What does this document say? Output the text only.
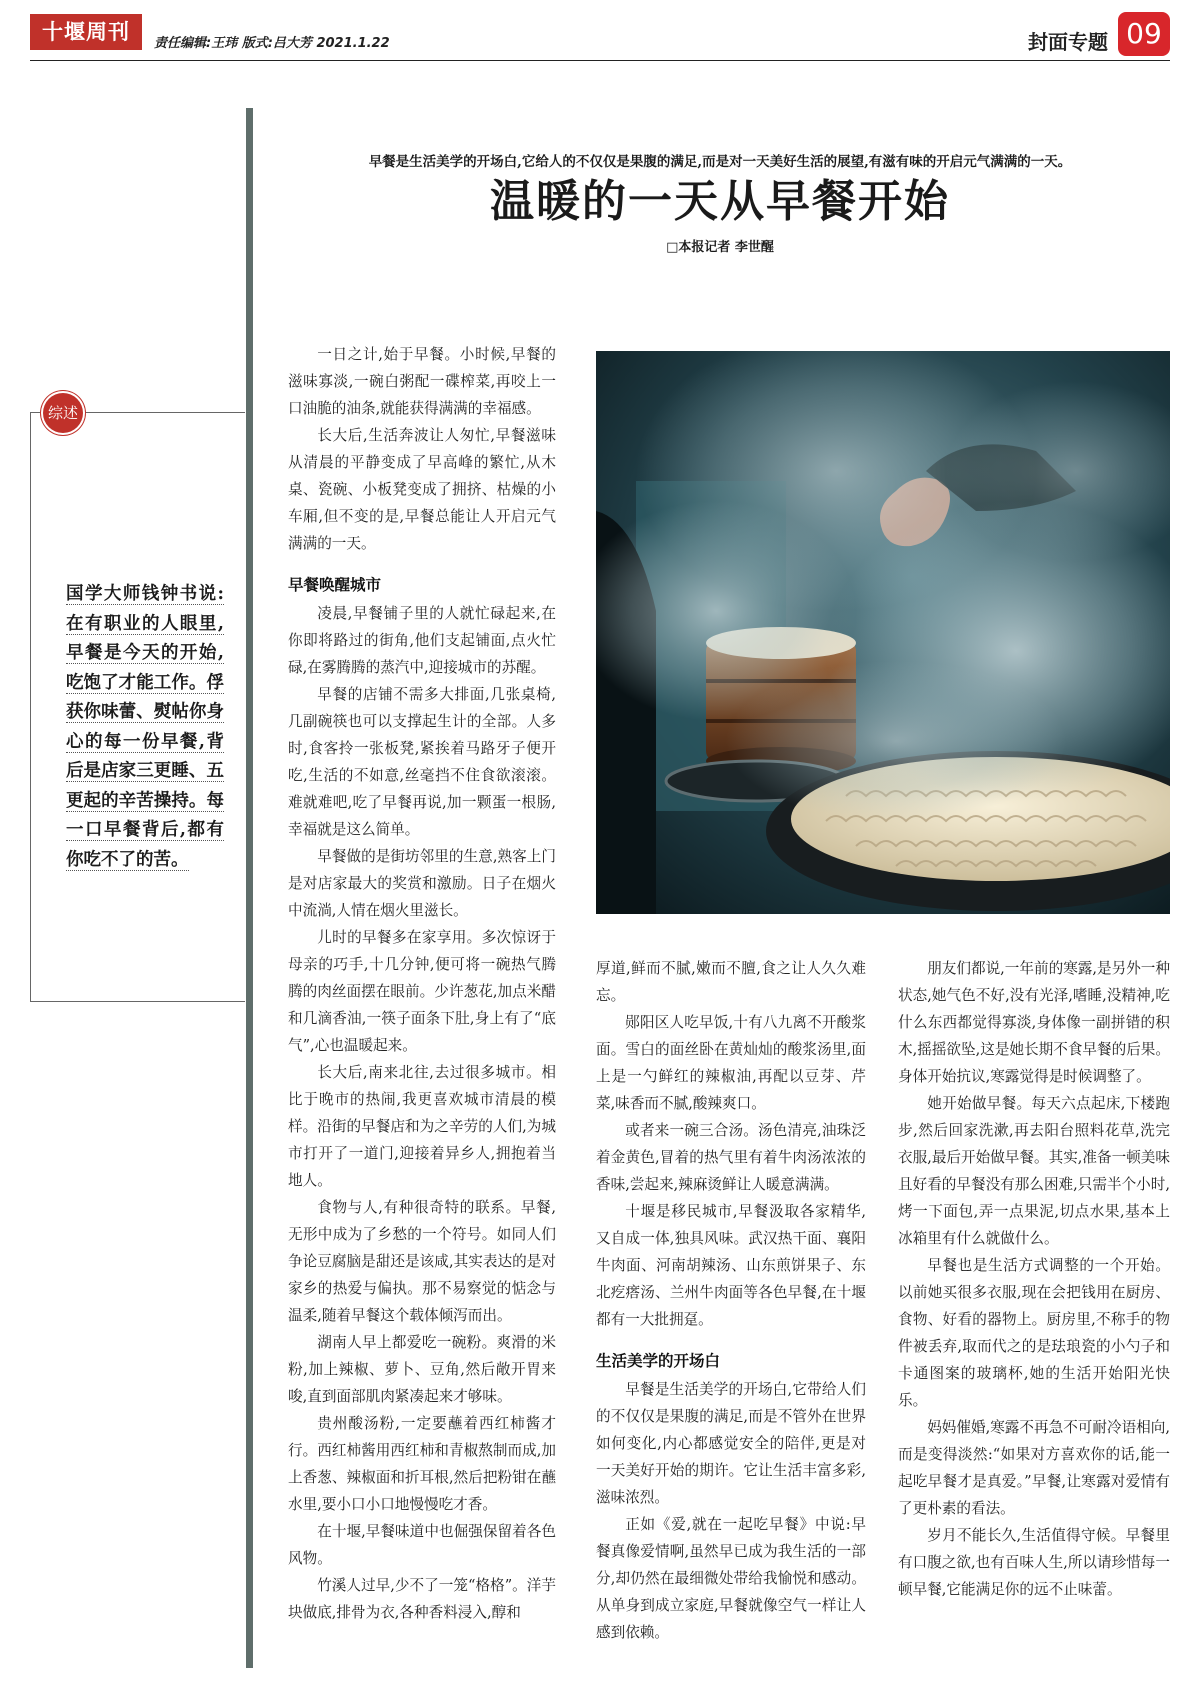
十堰周刊	责任编辑:王玮 版式:吕大芳 2021.1.22	封面专题 09
综述
国学大师钱钟书说:在有职业的人眼里,早餐是今天的开始,吃饱了才能工作。俘获你味蕾、熨帖你身心的每一份早餐,背后是店家三更睡、五更起的辛苦操持。每一口早餐背后,都有你吃不了的苦。
早餐是生活美学的开场白,它给人的不仅仅是果腹的满足,而是对一天美好生活的展望,有滋有味的开启元气满满的一天。
温暖的一天从早餐开始
□本报记者 李世醒

一日之计,始于早餐。小时候,早餐的滋味寡淡,一碗白粥配一碟榨菜,再咬上一口油脆的油条,就能获得满满的幸福感。

长大后,生活奔波让人匆忙,早餐滋味从清晨的平静变成了早高峰的繁忙,从木桌、瓷碗、小板凳变成了拥挤、枯燥的小车厢,但不变的是,早餐总能让人开启元气满满的一天。

早餐唤醒城市

凌晨,早餐铺子里的人就忙碌起来,在你即将路过的街角,他们支起铺面,点火忙碌,在雾腾腾的蒸汽中,迎接城市的苏醒。

早餐的店铺不需多大排面,几张桌椅,几副碗筷也可以支撑起生计的全部。人多时,食客拎一张板凳,紧挨着马路牙子便开吃,生活的不如意,丝毫挡不住食欲滚滚。难就难吧,吃了早餐再说,加一颗蛋一根肠,幸福就是这么简单。

早餐做的是街坊邻里的生意,熟客上门是对店家最大的奖赏和激励。日子在烟火中流淌,人情在烟火里滋长。

儿时的早餐多在家享用。多次惊讶于母亲的巧手,十几分钟,便可将一碗热气腾腾的肉丝面摆在眼前。少许葱花,加点米醋和几滴香油,一筷子面条下肚,身上有了“底气”,心也温暖起来。

长大后,南来北往,去过很多城市。相比于晚市的热闹,我更喜欢城市清晨的模样。沿街的早餐店和为之辛劳的人们,为城市打开了一道门,迎接着异乡人,拥抱着当地人。

食物与人,有种很奇特的联系。早餐,无形中成为了乡愁的一个符号。如同人们争论豆腐脑是甜还是该咸,其实表达的是对家乡的热爱与偏执。那不易察觉的惦念与温柔,随着早餐这个载体倾泻而出。

湖南人早上都爱吃一碗粉。爽滑的米粉,加上辣椒、萝卜、豆角,然后敞开胃来唆,直到面部肌肉紧凑起来才够味。

贵州酸汤粉,一定要蘸着西红柿酱才行。西红柿酱用西红柿和青椒熬制而成,加上香葱、辣椒面和折耳根,然后把粉钳在蘸水里,要小口小口地慢慢吃才香。

在十堰,早餐味道中也倔强保留着各色风物。

竹溪人过早,少不了一笼“格格”。洋芋块做底,排骨为衣,各种香料浸入,醇和

厚道,鲜而不腻,嫩而不膻,食之让人久久难忘。

郧阳区人吃早饭,十有八九离不开酸浆面。雪白的面丝卧在黄灿灿的酸浆汤里,面上是一勺鲜红的辣椒油,再配以豆芽、芹菜,味香而不腻,酸辣爽口。

或者来一碗三合汤。汤色清亮,油珠泛着金黄色,冒着的热气里有着牛肉汤浓浓的香味,尝起来,辣麻烫鲜让人暖意满满。

十堰是移民城市,早餐汲取各家精华,又自成一体,独具风味。武汉热干面、襄阳牛肉面、河南胡辣汤、山东煎饼果子、东北疙瘩汤、兰州牛肉面等各色早餐,在十堰都有一大批拥趸。

生活美学的开场白

早餐是生活美学的开场白,它带给人们的不仅仅是果腹的满足,而是不管外在世界如何变化,内心都感觉安全的陪伴,更是对一天美好开始的期许。它让生活丰富多彩,滋味浓烈。

正如《爱,就在一起吃早餐》中说:早餐真像爱情啊,虽然早已成为我生活的一部分,却仍然在最细微处带给我愉悦和感动。从单身到成立家庭,早餐就像空气一样让人感到依赖。

朋友们都说,一年前的寒露,是另外一种状态,她气色不好,没有光泽,嗜睡,没精神,吃什么东西都觉得寡淡,身体像一副拼错的积木,摇摇欲坠,这是她长期不食早餐的后果。身体开始抗议,寒露觉得是时候调整了。

她开始做早餐。每天六点起床,下楼跑步,然后回家洗漱,再去阳台照料花草,洗完衣服,最后开始做早餐。其实,准备一顿美味且好看的早餐没有那么困难,只需半个小时,烤一下面包,弄一点果泥,切点水果,基本上冰箱里有什么就做什么。

早餐也是生活方式调整的一个开始。以前她买很多衣服,现在会把钱用在厨房、食物、好看的器物上。厨房里,不称手的物件被丢弃,取而代之的是珐琅瓷的小勺子和卡通图案的玻璃杯,她的生活开始阳光快乐。

妈妈催婚,寒露不再急不可耐冷语相向,而是变得淡然:“如果对方喜欢你的话,能一起吃早餐才是真爱。”早餐,让寒露对爱情有了更朴素的看法。

岁月不能长久,生活值得守候。早餐里有口腹之欲,也有百味人生,所以请珍惜每一顿早餐,它能满足你的远不止味蕾。
